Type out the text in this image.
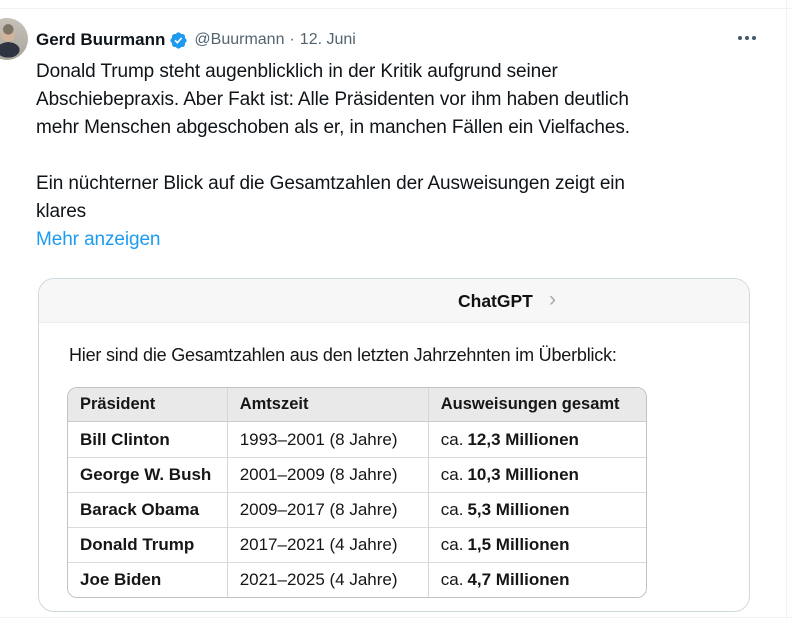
Gerd Buurmann @Buurmann · 12. Juni
Donald Trump steht augenblicklich in der Kritik aufgrund seiner
Abschiebepraxis. Aber Fakt ist: Alle Präsidenten vor ihm haben deutlich
mehr Menschen abgeschoben als er, in manchen Fällen ein Vielfaches.
Ein nüchterner Blick auf die Gesamtzahlen der Ausweisungen zeigt ein
klares
Mehr anzeigen
ChatGPT ›
Hier sind die Gesamtzahlen aus den letzten Jahrzehnten im Überblick:
Präsident	Amtszeit	Ausweisungen gesamt
Bill Clinton	1993–2001 (8 Jahre)	ca. 12,3 Millionen
George W. Bush	2001–2009 (8 Jahre)	ca. 10,3 Millionen
Barack Obama	2009–2017 (8 Jahre)	ca. 5,3 Millionen
Donald Trump	2017–2021 (4 Jahre)	ca. 1,5 Millionen
Joe Biden	2021–2025 (4 Jahre)	ca. 4,7 Millionen
